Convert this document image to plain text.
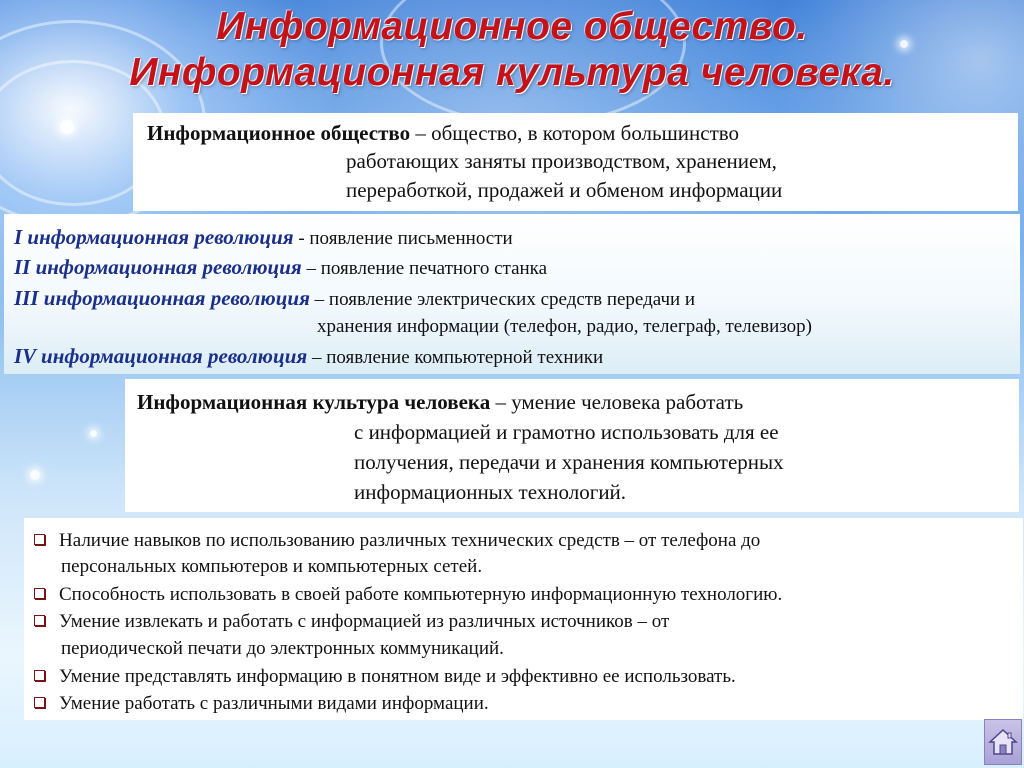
Информационное общество.
Информационная культура человека.
Информационное общество – общество, в котором большинство
работающих заняты производством, хранением,
переработкой, продажей и обменом информации
I информационная революция - появление письменности
II информационная революция – появление печатного станка
III информационная революция – появление электрических средств передачи и
хранения информации (телефон, радио, телеграф, телевизор)
IV информационная революция – появление компьютерной техники
Информационная культура человека – умение человека работать
с информацией и грамотно использовать для ее
получения, передачи и хранения компьютерных
информационных технологий.
Наличие навыков по использованию различных технических средств – от телефона до
персональных компьютеров и компьютерных сетей.
Способность использовать в своей работе компьютерную информационную технологию.
Умение извлекать и работать с информацией из различных источников – от
периодической печати до электронных коммуникаций.
Умение представлять информацию в понятном виде и эффективно ее использовать.
Умение работать с различными видами информации.
